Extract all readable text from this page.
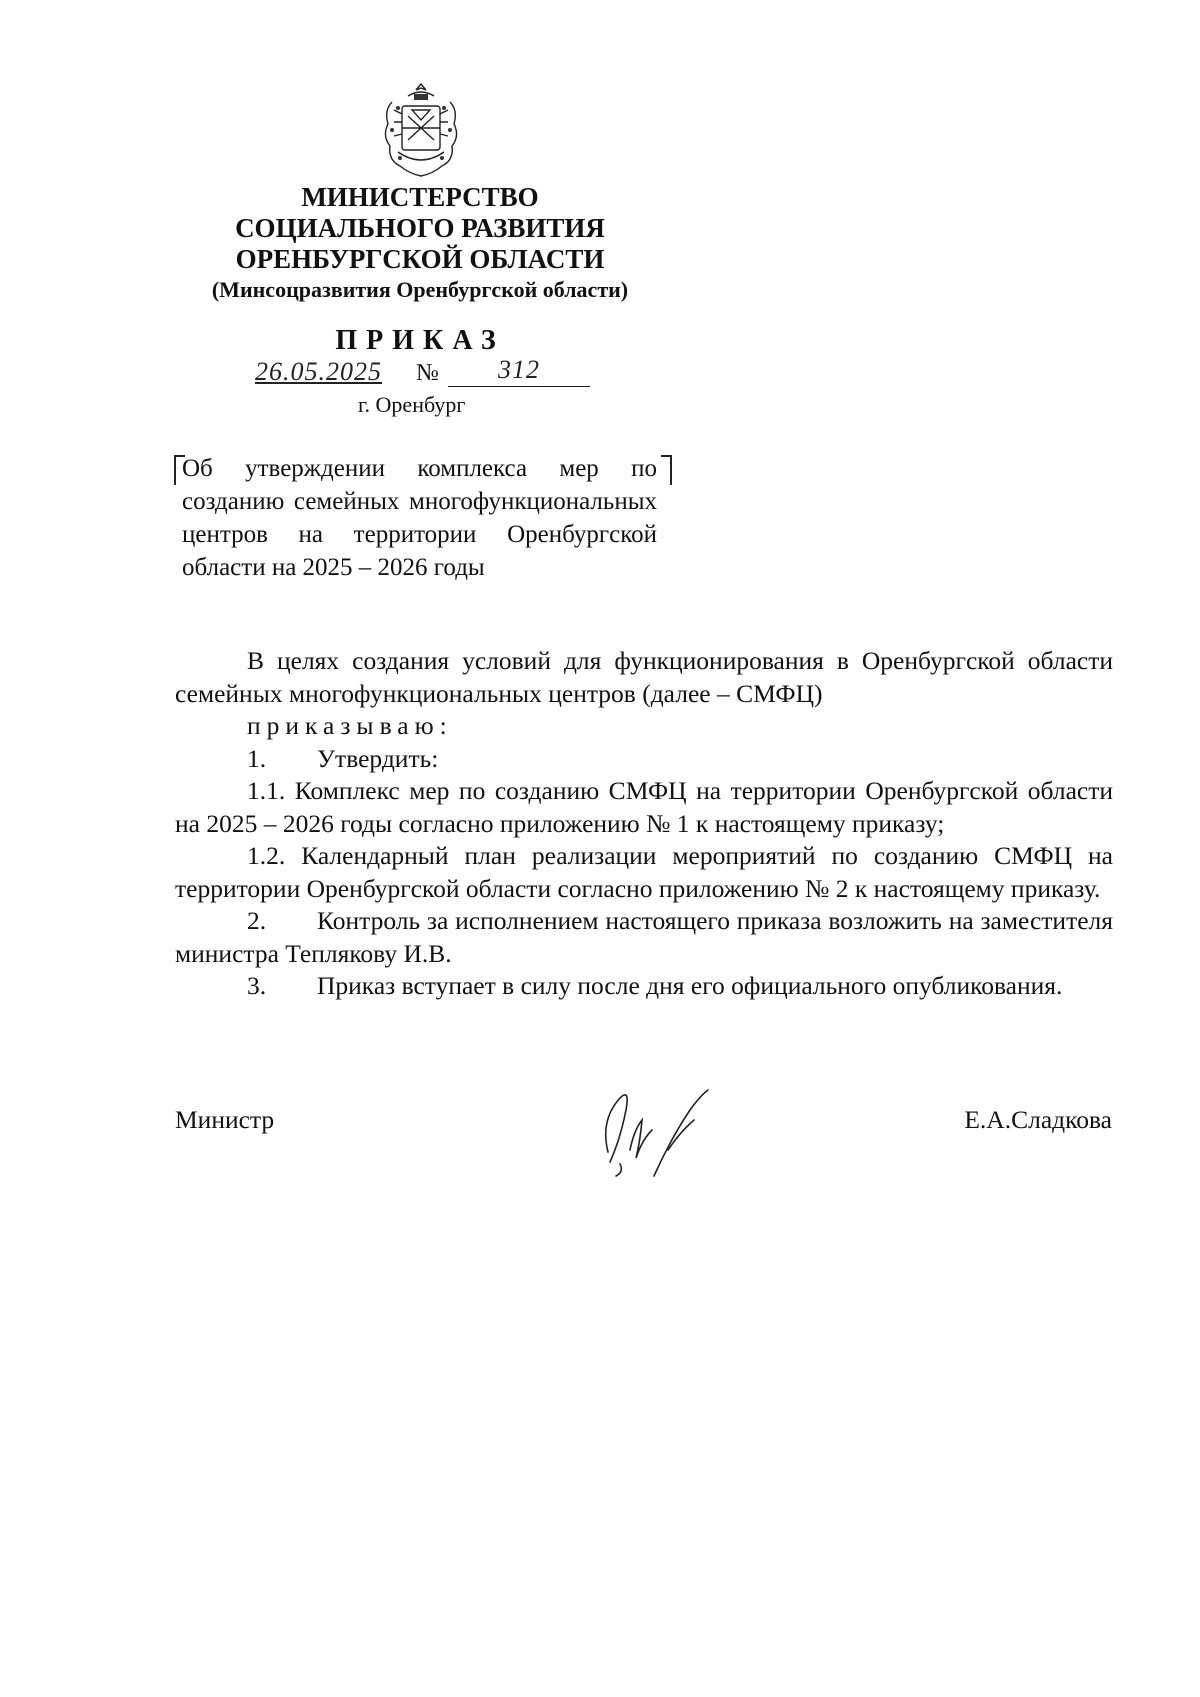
МИНИСТЕРСТВО
СОЦИАЛЬНОГО РАЗВИТИЯ
ОРЕНБУРГСКОЙ ОБЛАСТИ
(Минсоцразвития Оренбургской области)
ПРИКАЗ
26.05.2025 № 312
г. Оренбург
Об утверждении комплекса мер по созданию семейных многофункциональных центров на территории Оренбургской области на 2025 – 2026 годы

В целях создания условий для функционирования в Оренбургской области семейных многофункциональных центров (далее – СМФЦ)

приказываю:

1. Утвердить:

1.1. Комплекс мер по созданию СМФЦ на территории Оренбургской области на 2025 – 2026 годы согласно приложению № 1 к настоящему приказу;

1.2. Календарный план реализации мероприятий по созданию СМФЦ на территории Оренбургской области согласно приложению № 2 к настоящему приказу.

2. Контроль за исполнением настоящего приказа возложить на заместителя министра Теплякову И.В.

3. Приказ вступает в силу после дня его официального опубликования.

Министр	Е.А.Сладкова
